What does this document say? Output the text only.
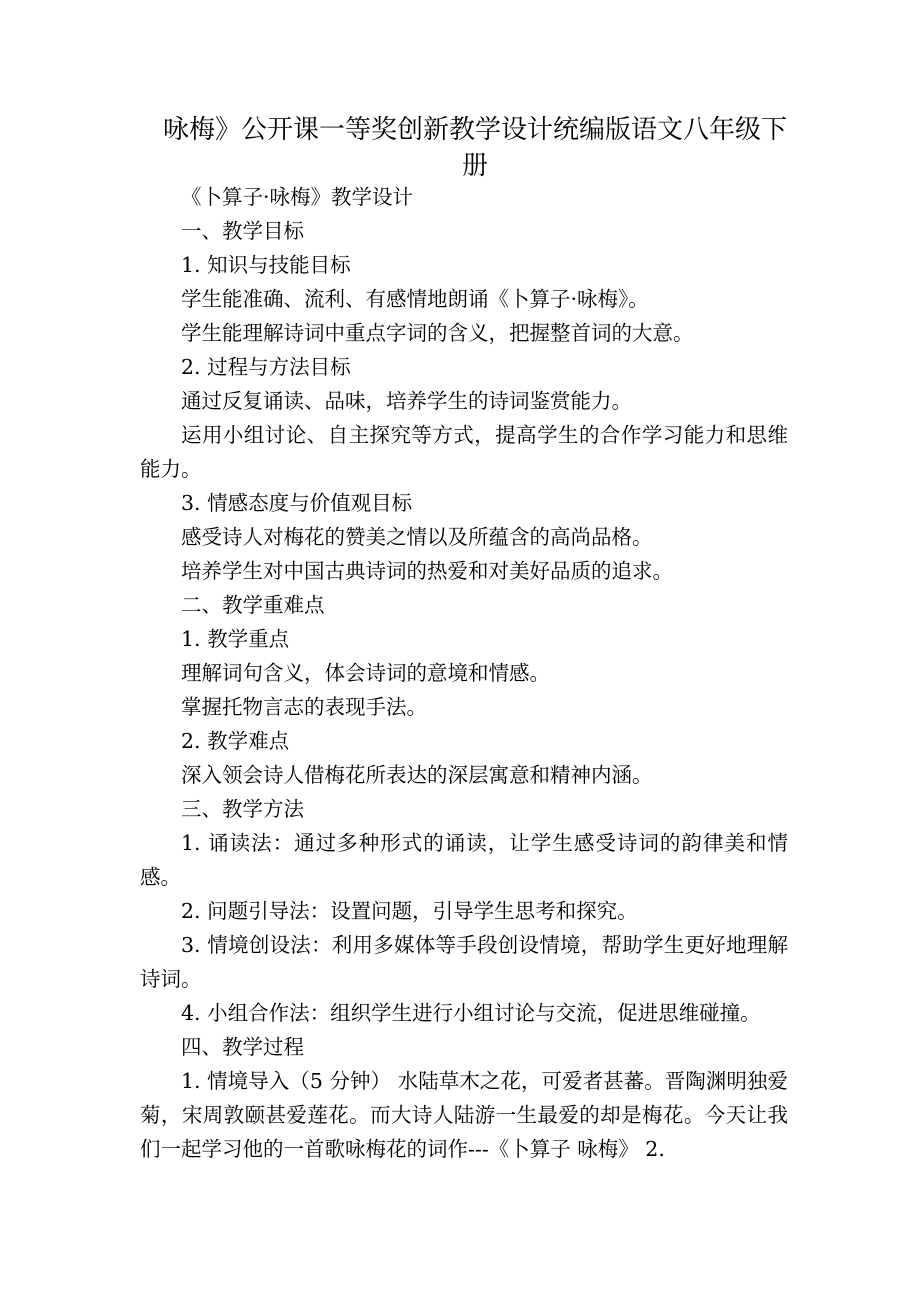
咏梅》公开课一等奖创新教学设计统编版语文八年级下册

《卜算子·咏梅》教学设计

一、教学目标

1. 知识与技能目标

学生能准确、流利、有感情地朗诵《卜算子·咏梅》。

学生能理解诗词中重点字词的含义，把握整首词的大意。

2. 过程与方法目标

通过反复诵读、品味，培养学生的诗词鉴赏能力。

运用小组讨论、自主探究等方式，提高学生的合作学习能力和思维能力。

3. 情感态度与价值观目标

感受诗人对梅花的赞美之情以及所蕴含的高尚品格。

培养学生对中国古典诗词的热爱和对美好品质的追求。

二、教学重难点

1. 教学重点

理解词句含义，体会诗词的意境和情感。

掌握托物言志的表现手法。

2. 教学难点

深入领会诗人借梅花所表达的深层寓意和精神内涵。

三、教学方法

1. 诵读法：通过多种形式的诵读，让学生感受诗词的韵律美和情感。

2. 问题引导法：设置问题，引导学生思考和探究。

3. 情境创设法：利用多媒体等手段创设情境，帮助学生更好地理解诗词。

4. 小组合作法：组织学生进行小组讨论与交流，促进思维碰撞。

四、教学过程

1. 情境导入（5 分钟） 水陆草木之花，可爱者甚蕃。晋陶渊明独爱菊，宋周敦颐甚爱莲花。而大诗人陆游一生最爱的却是梅花。今天让我们一起学习他的一首歌咏梅花的词作---《卜算子 咏梅》 2.
